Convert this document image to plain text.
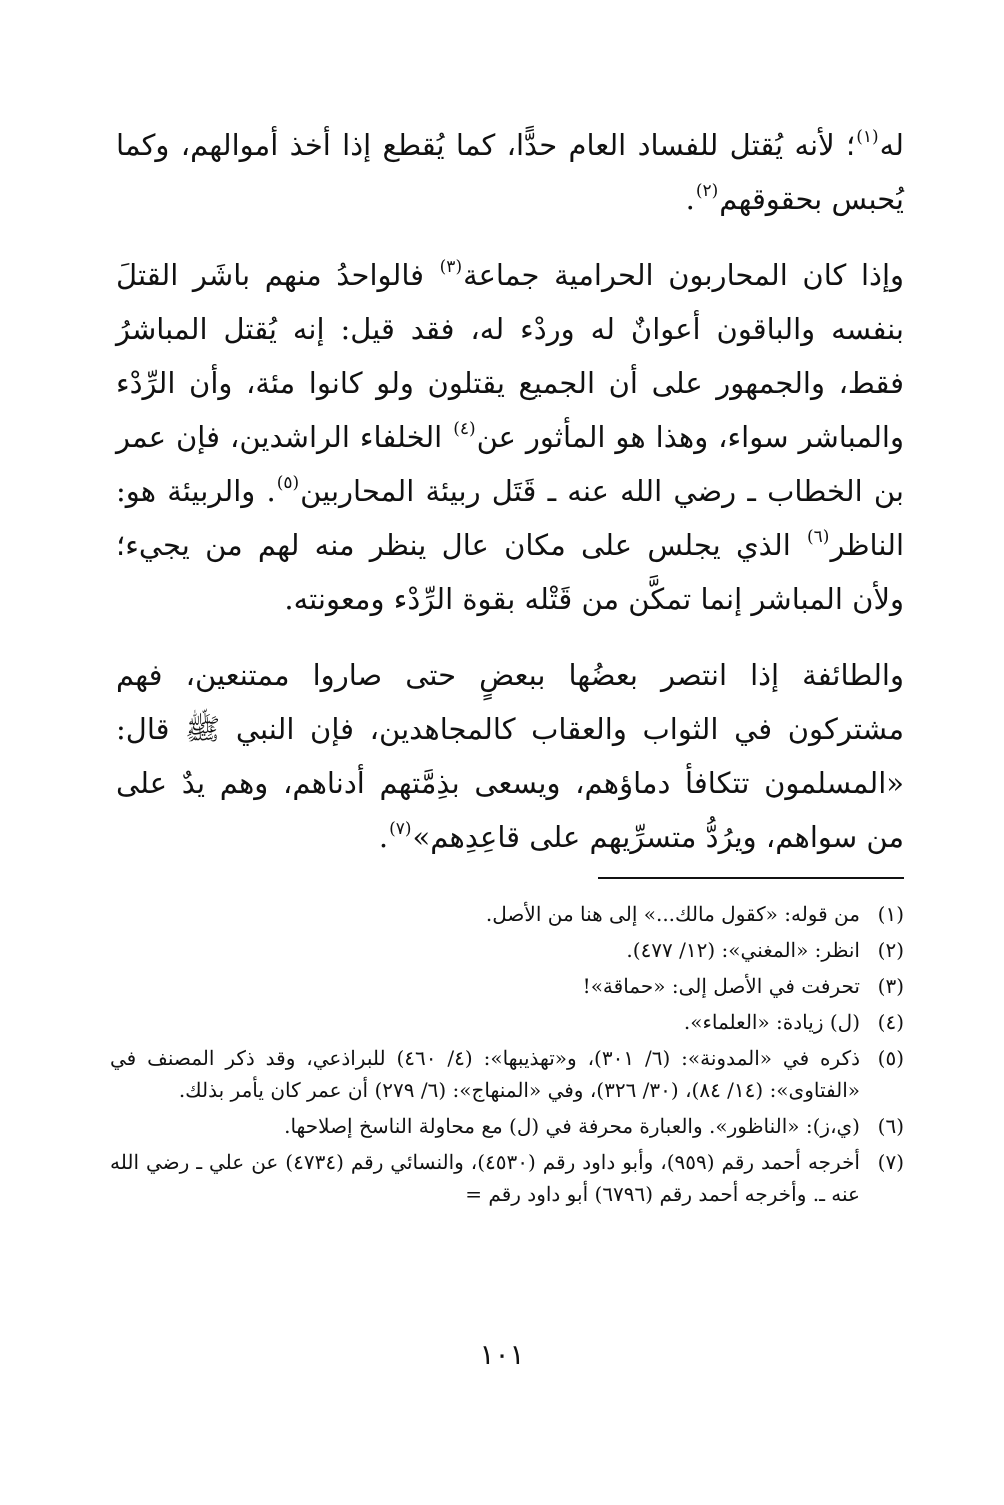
له$^{(١)}$؛ لأنه يُقتل للفساد العام حدًّا، كما يُقطع إذا أخذ أموالهم، وكما يُحبس بحقوقهم$^{(٢)}$.

وإذا كان المحاربون الحرامية جماعة$^{(٣)}$ فالواحدُ منهم باشَر القتلَ بنفسه والباقون أعوانٌ له وردْء له، فقد قيل: إنه يُقتل المباشرُ فقط، والجمهور على أن الجميع يقتلون ولو كانوا مئة، وأن الرِّدْء والمباشر سواء، وهذا هو المأثور عن$^{(٤)}$ الخلفاء الراشدين، فإن عمر بن الخطاب ـ رضي الله عنه ـ قَتَل ربيئة المحاربين$^{(٥)}$. والربيئة هو: الناظر$^{(٦)}$ الذي يجلس على مكان عال ينظر منه لهم من يجيء؛ ولأن المباشر إنما تمكَّن من قَتْله بقوة الرِّدْء ومعونته.

والطائفة إذا انتصر بعضُها ببعضٍ حتى صاروا ممتنعين، فهم مشتركون في الثواب والعقاب كالمجاهدين، فإن النبي ﷺ قال: «المسلمون تتكافأ دماؤهم، ويسعى بذِمَّتهم أدناهم، وهم يدٌ على من سواهم، ويرُدُّ متسرِّيهم على قاعِدِهم»$^{(٧)}$.

(١)
من قوله: «كقول مالك...» إلى هنا من الأصل.
(٢)
انظر: «المغني»: (١٢/ ٤٧٧).
(٣)
تحرفت في الأصل إلى: «حماقة»!
(٤)
(ل) زيادة: «العلماء».
(٥)
ذكره في «المدونة»: (٦/ ٣٠١)، و«تهذيبها»: (٤/ ٤٦٠) للبراذعي، وقد ذكر المصنف في «الفتاوى»: (١٤/ ٨٤)، (٣٠/ ٣٢٦)، وفي «المنهاج»: (٦/ ٢٧٩) أن عمر كان يأمر بذلك.
(٦)
(ي،ز): «الناظور». والعبارة محرفة في (ل) مع محاولة الناسخ إصلاحها.
(٧)
أخرجه أحمد رقم (٩٥٩)، وأبو داود رقم (٤٥٣٠)، والنسائي رقم (٤٧٣٤) عن علي ـ رضي الله عنه ـ. وأخرجه أحمد رقم (٦٧٩٦) أبو داود رقم =
١٠١
